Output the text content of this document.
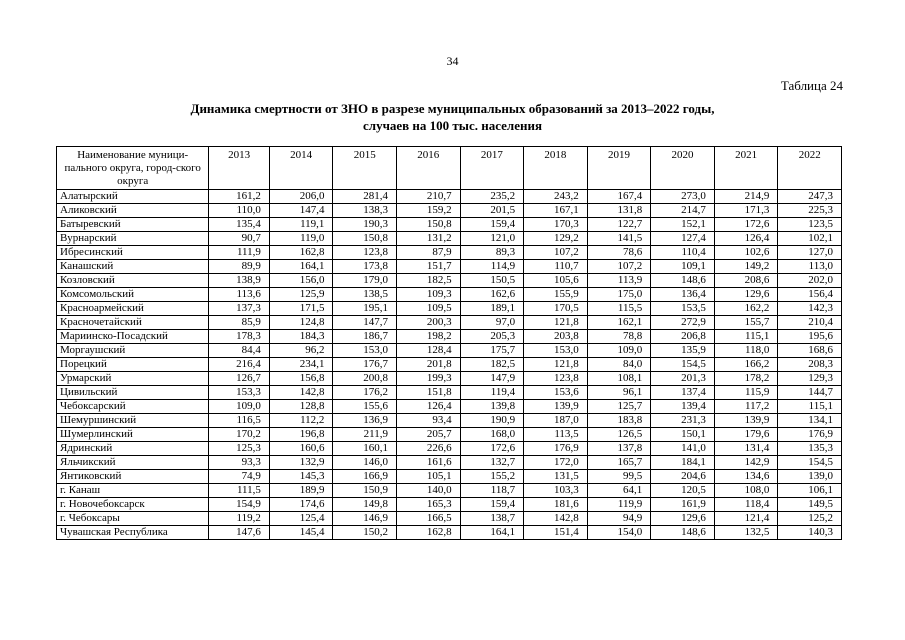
34
Таблица 24
Динамика смертности от ЗНО в разрезе муниципальных образований за 2013–2022 годы,
случаев на 100 тыс. населения
Наименование муници-пального округа, город-ского округа	2013	2014	2015	2016	2017	2018	2019	2020	2021	2022
Алатырский	161,2	206,0	281,4	210,7	235,2	243,2	167,4	273,0	214,9	247,3
Аликовский	110,0	147,4	138,3	159,2	201,5	167,1	131,8	214,7	171,3	225,3
Батыревский	135,4	119,1	190,3	150,8	159,4	170,3	122,7	152,1	172,6	123,5
Вурнарский	90,7	119,0	150,8	131,2	121,0	129,2	141,5	127,4	126,4	102,1
Ибресинский	111,9	162,8	123,8	87,9	89,3	107,2	78,6	110,4	102,6	127,0
Канашский	89,9	164,1	173,8	151,7	114,9	110,7	107,2	109,1	149,2	113,0
Козловский	138,9	156,0	179,0	182,5	150,5	105,6	113,9	148,6	208,6	202,0
Комсомольский	113,6	125,9	138,5	109,3	162,6	155,9	175,0	136,4	129,6	156,4
Красноармейский	137,3	171,5	195,1	109,5	189,1	170,5	115,5	153,5	162,2	142,3
Красночетайский	85,9	124,8	147,7	200,3	97,0	121,8	162,1	272,9	155,7	210,4
Мариинско-Посадский	178,3	184,3	186,7	198,2	205,3	203,8	78,8	206,8	115,1	195,6
Моргаушский	84,4	96,2	153,0	128,4	175,7	153,0	109,0	135,9	118,0	168,6
Порецкий	216,4	234,1	176,7	201,8	182,5	121,8	84,0	154,5	166,2	208,3
Урмарский	126,7	156,8	200,8	199,3	147,9	123,8	108,1	201,3	178,2	129,3
Цивильский	153,3	142,8	176,2	151,8	119,4	153,6	96,1	137,4	115,9	144,7
Чебоксарский	109,0	128,8	155,6	126,4	139,8	139,9	125,7	139,4	117,2	115,1
Шемуршинский	116,5	112,2	136,9	93,4	190,9	187,0	183,8	231,3	139,9	134,1
Шумерлинский	170,2	196,8	211,9	205,7	168,0	113,5	126,5	150,1	179,6	176,9
Ядринский	125,3	160,6	160,1	226,6	172,6	176,9	137,8	141,0	131,4	135,3
Яльчикский	93,3	132,9	146,0	161,6	132,7	172,0	165,7	184,1	142,9	154,5
Янтиковский	74,9	145,3	166,9	105,1	155,2	131,5	99,5	204,6	134,6	139,0
г. Канаш	111,5	189,9	150,9	140,0	118,7	103,3	64,1	120,5	108,0	106,1
г. Новочебоксарск	154,9	174,6	149,8	165,3	159,4	181,6	119,9	161,9	118,4	149,5
г. Чебоксары	119,2	125,4	146,9	166,5	138,7	142,8	94,9	129,6	121,4	125,2
Чувашская Республика	147,6	145,4	150,2	162,8	164,1	151,4	154,0	148,6	132,5	140,3
